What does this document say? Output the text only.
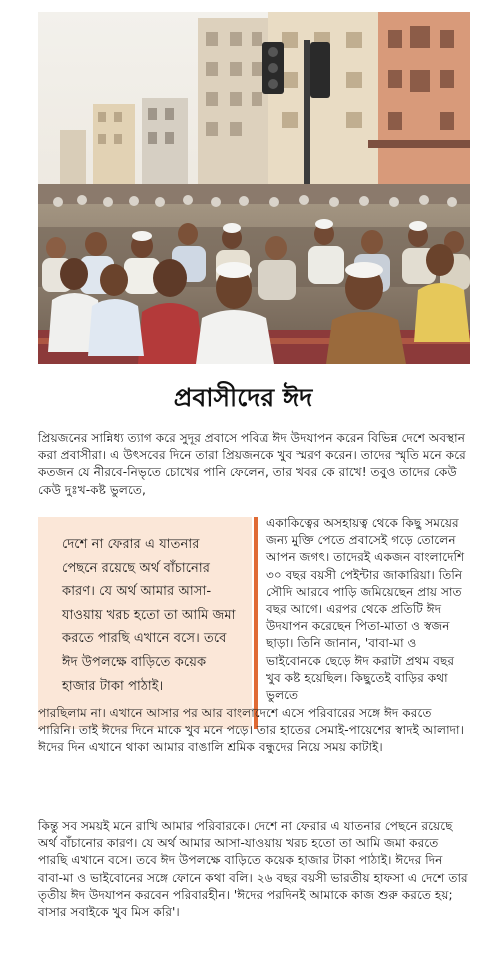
প্রবাসীদের ঈদ
প্রিয়জনের সান্নিধ্য ত্যাগ করে সুদূর প্রবাসে পবিত্র ঈদ উদযাপন করেন বিভিন্ন দেশে অবস্থান করা প্রবাসীরা। এ উৎসবের দিনে তারা প্রিয়জনকে খুব স্মরণ করেন। তাদের স্মৃতি মনে করে কতজন যে নীরবে-নিভৃতে চোখের পানি ফেলেন, তার খবর কে রাখে! তবুও তাদের কেউ কেউ দুঃখ-কষ্ট ভুলতে,

দেশে না ফেরার এ যাতনার পেছনে রয়েছে অর্থ বাঁচানোর কারণ। যে অর্থ আমার আসা-যাওয়ায় খরচ হতো তা আমি জমা করতে পারছি এখানে বসে। তবে ঈদ উপলক্ষে বাড়িতে কয়েক হাজার টাকা পাঠাই।

একাকিত্বের অসহায়ত্ব থেকে কিছু সময়ের জন্য মুক্তি পেতে প্রবাসেই গড়ে তোলেন আপন জগৎ। তাদেরই একজন বাংলাদেশি ৩০ বছর বয়সী পেইন্টার জাকারিয়া। তিনি সৌদি আরবে পাড়ি জমিয়েছেন প্রায় সাত বছর আগে। এরপর থেকে প্রতিটি ঈদ উদযাপন করেছেন পিতা-মাতা ও স্বজন ছাড়া। তিনি জানান, 'বাবা-মা ও ভাইবোনকে ছেড়ে ঈদ করাটা প্রথম বছর খুব কষ্ট হয়েছিল। কিছুতেই বাড়ির কথা ভুলতে
পারছিলাম না। এখানে আসার পর আর বাংলাদেশে এসে পরিবারের সঙ্গে ঈদ করতে পারিনি। তাই ঈদের দিনে মাকে খুব মনে পড়ে। তার হাতের সেমাই-পায়েশের স্বাদই আলাদা। ঈদের দিন এখানে থাকা আমার বাঙালি শ্রমিক বন্ধুদের নিয়ে সময় কাটাই।
কিন্তু সব সময়ই মনে রাখি আমার পরিবারকে। দেশে না ফেরার এ যাতনার পেছনে রয়েছে অর্থ বাঁচানোর কারণ। যে অর্থ আমার আসা-যাওয়ায় খরচ হতো তা আমি জমা করতে পারছি এখানে বসে। তবে ঈদ উপলক্ষে বাড়িতে কয়েক হাজার টাকা পাঠাই। ঈদের দিন বাবা-মা ও ভাইবোনের সঙ্গে ফোনে কথা বলি। ২৬ বছর বয়সী ভারতীয় হাফসা এ দেশে তার তৃতীয় ঈদ উদযাপন করবেন পরিবারহীন। 'ঈদের পরদিনই আমাকে কাজ শুরু করতে হয়; বাসার সবাইকে খুব মিস করি'।
